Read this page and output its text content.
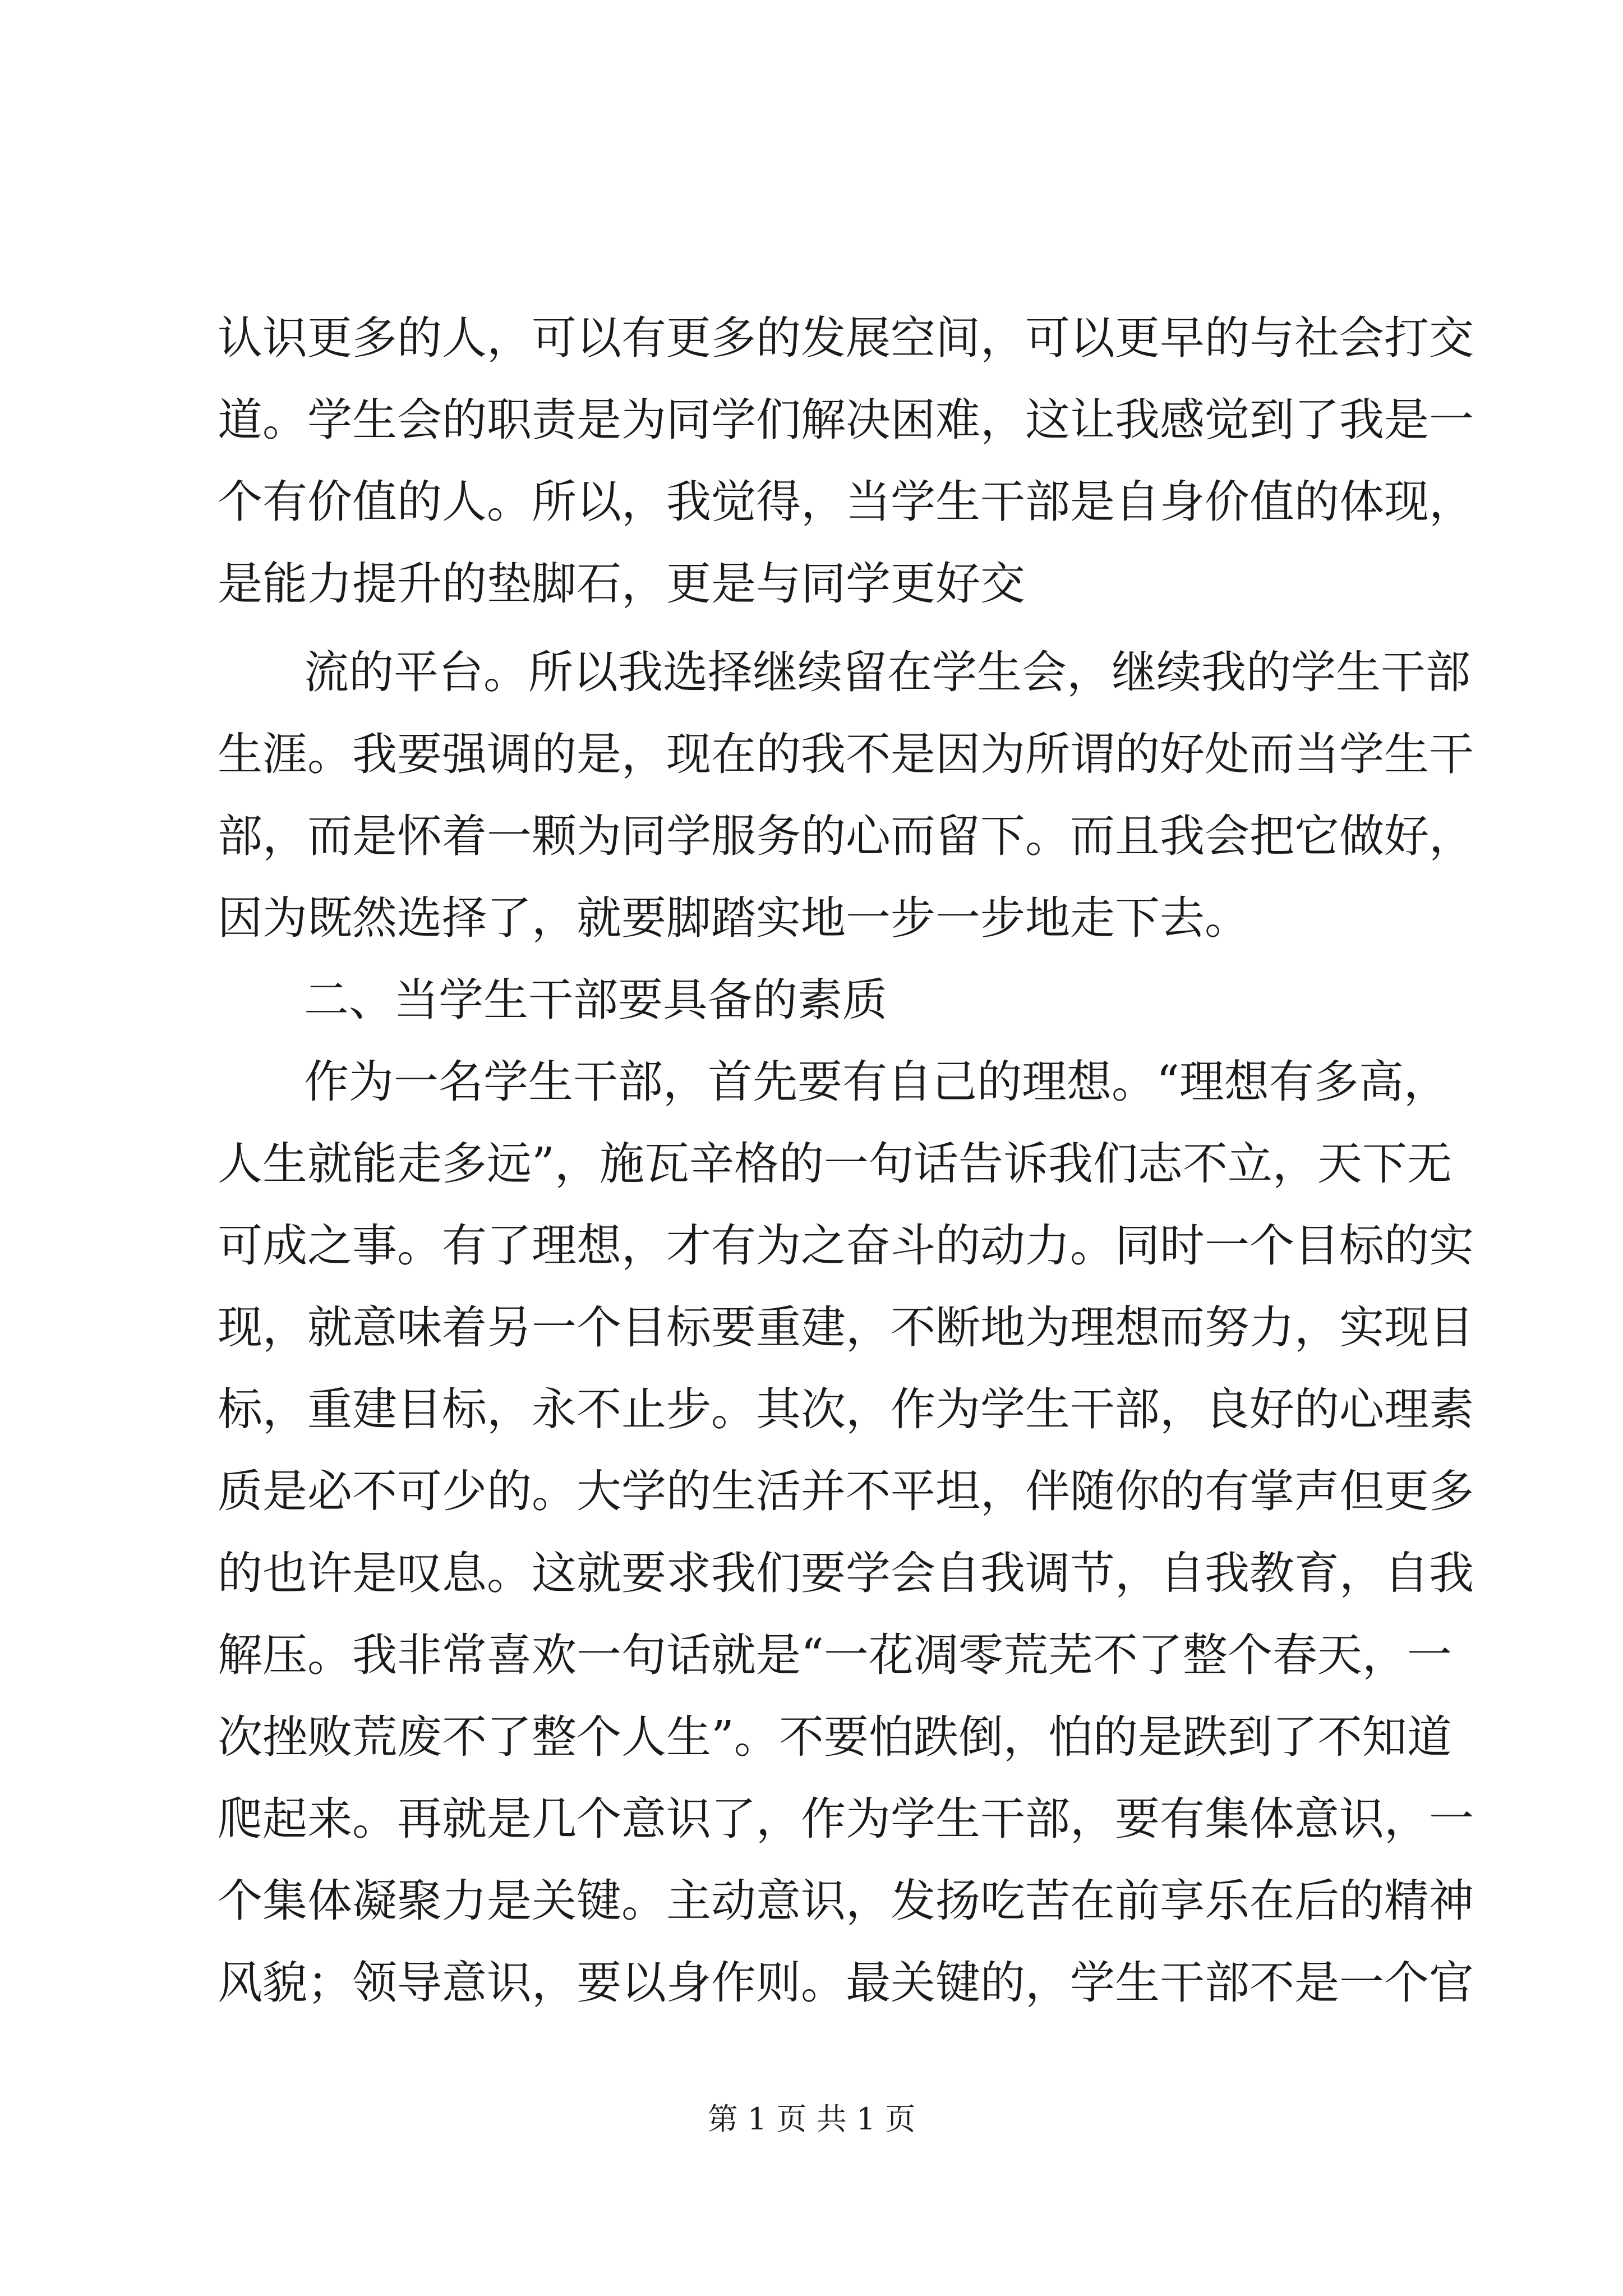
认识更多的人，可以有更多的发展空间，可以更早的与社会打交
道。学生会的职责是为同学们解决困难，这让我感觉到了我是一
个有价值的人。所以，我觉得，当学生干部是自身价值的体现，
是能力提升的垫脚石，更是与同学更好交
流的平台。所以我选择继续留在学生会，继续我的学生干部
生涯。我要强调的是，现在的我不是因为所谓的好处而当学生干
部，而是怀着一颗为同学服务的心而留下。而且我会把它做好，
因为既然选择了，就要脚踏实地一步一步地走下去。
二、当学生干部要具备的素质
作为一名学生干部，首先要有自己的理想。“理想有多高，
人生就能走多远”，施瓦辛格的一句话告诉我们志不立，天下无
可成之事。有了理想，才有为之奋斗的动力。同时一个目标的实
现，就意味着另一个目标要重建，不断地为理想而努力，实现目
标，重建目标，永不止步。其次，作为学生干部，良好的心理素
质是必不可少的。大学的生活并不平坦，伴随你的有掌声但更多
的也许是叹息。这就要求我们要学会自我调节，自我教育，自我
解压。我非常喜欢一句话就是“一花凋零荒芜不了整个春天，一
次挫败荒废不了整个人生”。不要怕跌倒，怕的是跌到了不知道
爬起来。再就是几个意识了，作为学生干部，要有集体意识，一
个集体凝聚力是关键。主动意识，发扬吃苦在前享乐在后的精神
风貌；领导意识，要以身作则。最关键的，学生干部不是一个官
第 1 页 共 1 页
